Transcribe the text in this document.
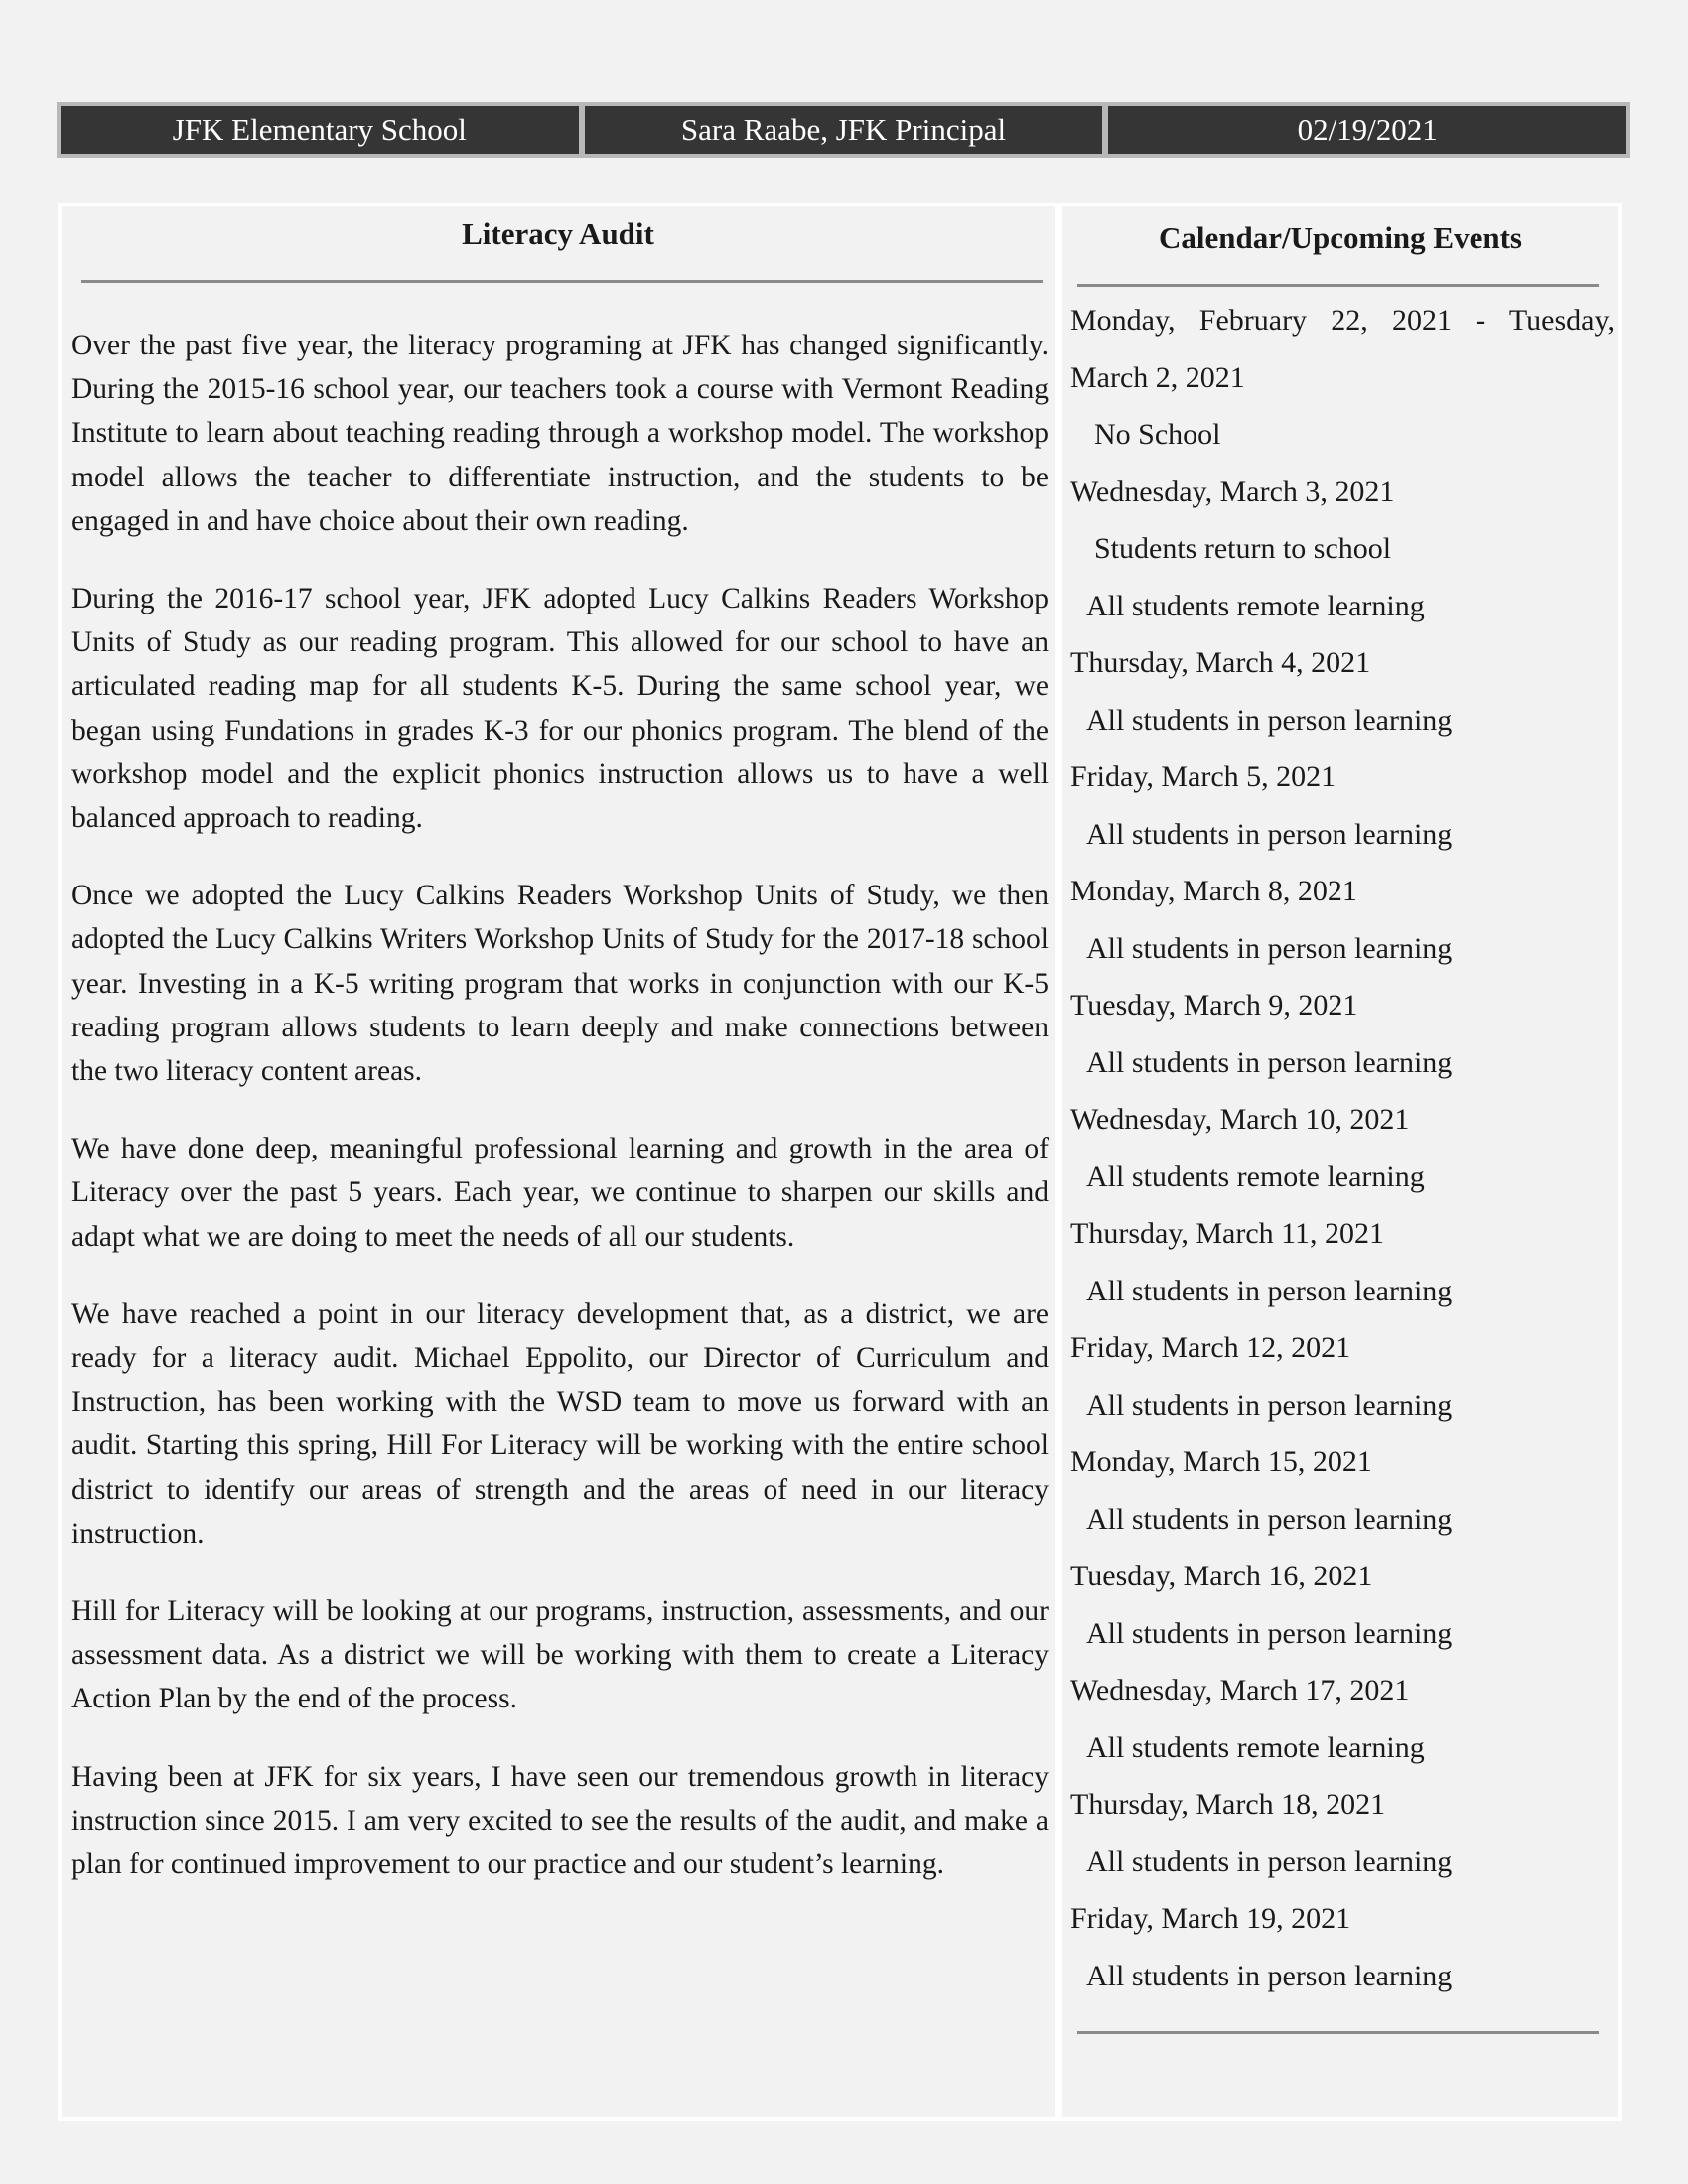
JFK Elementary School	Sara Raabe, JFK Principal	02/19/2021
Literacy Audit

Over the past five year, the literacy programing at JFK has changed significantly. During the 2015-16 school year, our teachers took a course with Vermont Reading Institute to learn about teaching reading through a workshop model. The workshop model allows the teacher to differentiate instruction, and the students to be engaged in and have choice about their own reading.

During the 2016-17 school year, JFK adopted Lucy Calkins Readers Workshop Units of Study as our reading program. This allowed for our school to have an articulated reading map for all students K-5. During the same school year, we began using Fundations in grades K-3 for our phonics program. The blend of the workshop model and the explicit phonics instruction allows us to have a well balanced approach to reading.

Once we adopted the Lucy Calkins Readers Workshop Units of Study, we then adopted the Lucy Calkins Writers Workshop Units of Study for the 2017-18 school year. Investing in a K-5 writing program that works in conjunction with our K-5 reading program allows students to learn deeply and make connections between the two literacy content areas.

We have done deep, meaningful professional learning and growth in the area of Literacy over the past 5 years. Each year, we continue to sharpen our skills and adapt what we are doing to meet the needs of all our students.

We have reached a point in our literacy development that, as a district, we are ready for a literacy audit. Michael Eppolito, our Director of Curriculum and Instruction, has been working with the WSD team to move us forward with an audit. Starting this spring, Hill For Literacy will be working with the entire school district to identify our areas of strength and the areas of need in our literacy instruction.

Hill for Literacy will be looking at our programs, instruction, assessments, and our assessment data. As a district we will be working with them to create a Literacy Action Plan by the end of the process.

Having been at JFK for six years, I have seen our tremendous growth in literacy instruction since 2015. I am very excited to see the results of the audit, and make a plan for continued improvement to our practice and our student’s learning.

Calendar/Upcoming Events
Monday, February 22, 2021 - Tuesday, March 2, 2021
No School
Wednesday, March 3, 2021
Students return to school
All students remote learning
Thursday, March 4, 2021
All students in person learning
Friday, March 5, 2021
All students in person learning
Monday, March 8, 2021
All students in person learning
Tuesday, March 9, 2021
All students in person learning
Wednesday, March 10, 2021
All students remote learning
Thursday, March 11, 2021
All students in person learning
Friday, March 12, 2021
All students in person learning
Monday, March 15, 2021
All students in person learning
Tuesday, March 16, 2021
All students in person learning
Wednesday, March 17, 2021
All students remote learning
Thursday, March 18, 2021
All students in person learning
Friday, March 19, 2021
All students in person learning
